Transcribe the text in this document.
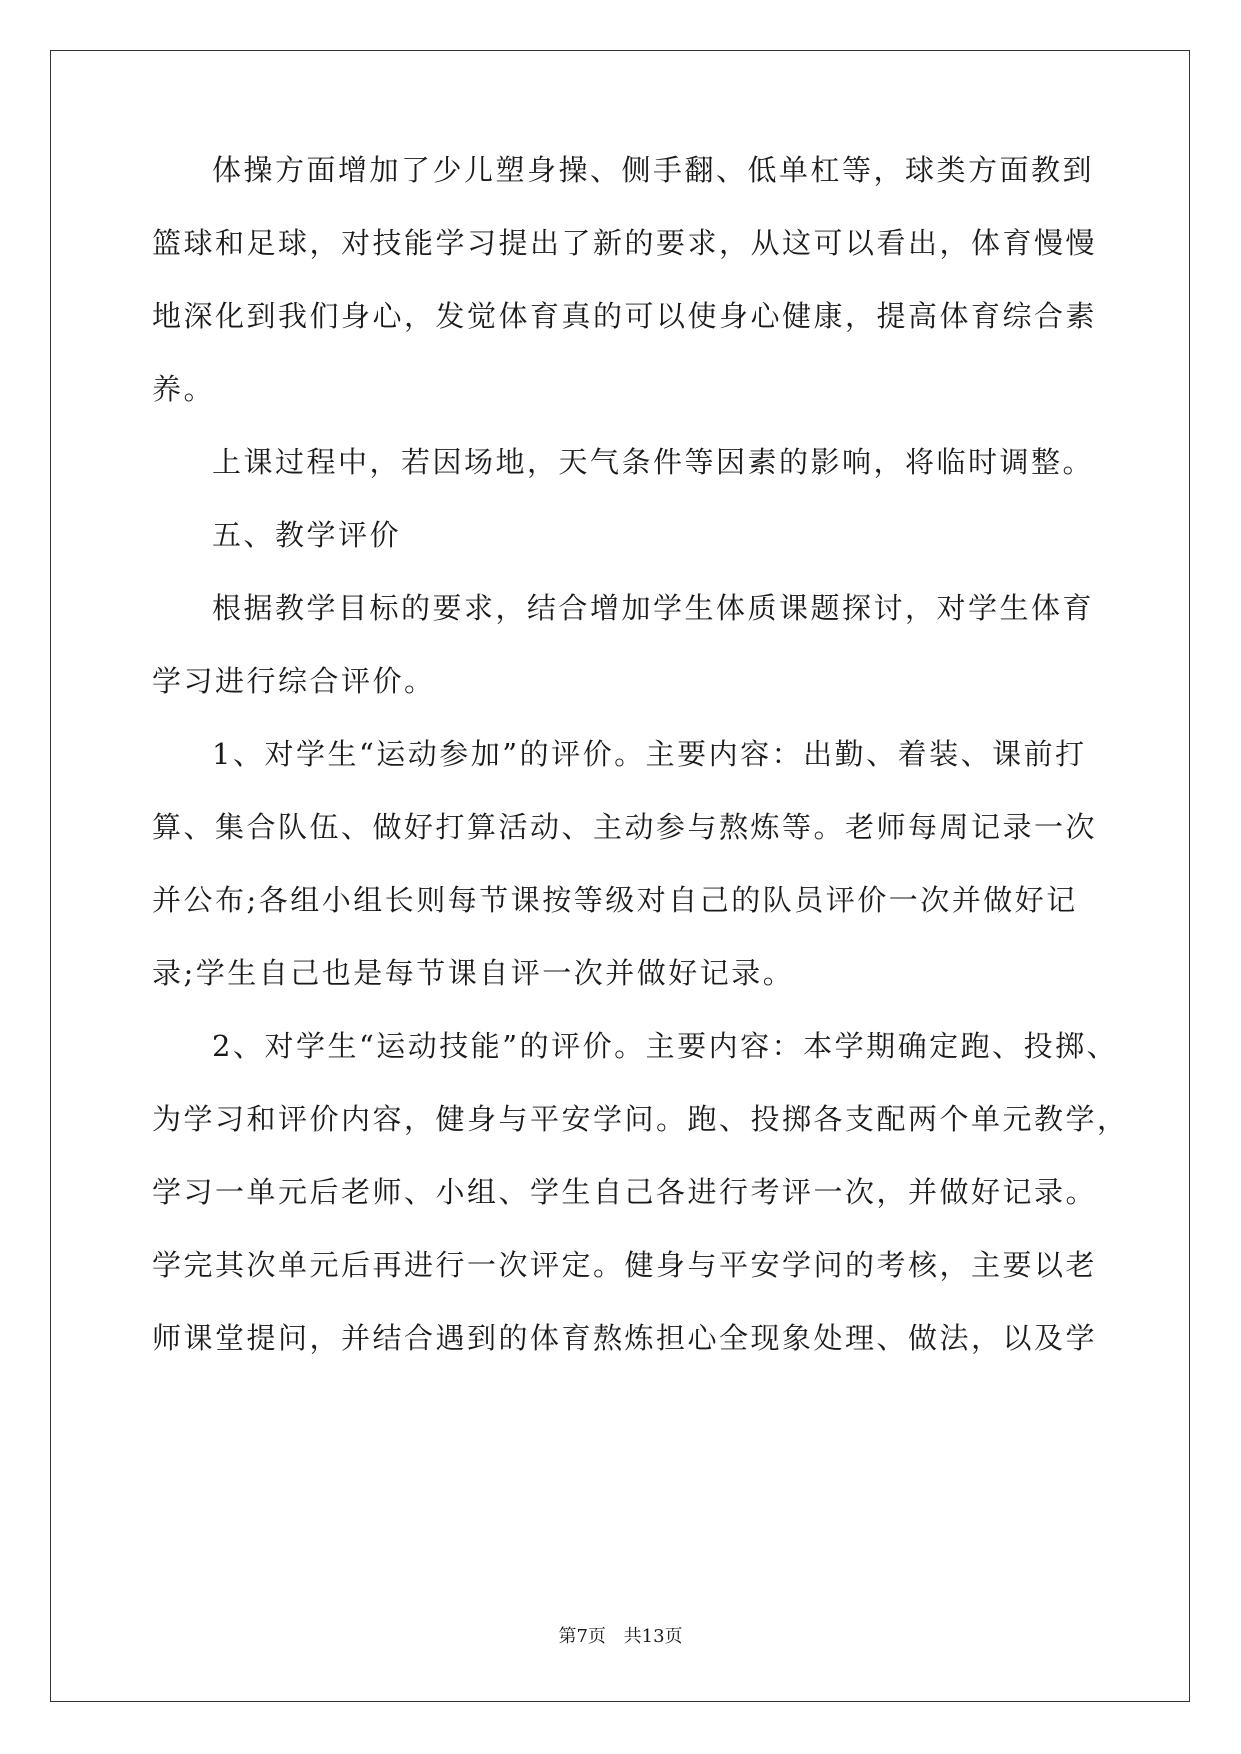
体操方面增加了少儿塑身操、侧手翻、低单杠等，球类方面教到
篮球和足球，对技能学习提出了新的要求，从这可以看出，体育慢慢
地深化到我们身心，发觉体育真的可以使身心健康，提高体育综合素
养。
上课过程中，若因场地，天气条件等因素的影响，将临时调整。
五、教学评价
根据教学目标的要求，结合增加学生体质课题探讨，对学生体育
学习进行综合评价。
1、对学生“运动参加”的评价。主要内容：出勤、着装、课前打
算、集合队伍、做好打算活动、主动参与熬炼等。老师每周记录一次
并公布;各组小组长则每节课按等级对自己的队员评价一次并做好记
录;学生自己也是每节课自评一次并做好记录。
2、对学生“运动技能”的评价。主要内容：本学期确定跑、投掷、
为学习和评价内容，健身与平安学问。跑、投掷各支配两个单元教学，
学习一单元后老师、小组、学生自己各进行考评一次，并做好记录。
学完其次单元后再进行一次评定。健身与平安学问的考核，主要以老
师课堂提问，并结合遇到的体育熬炼担心全现象处理、做法，以及学
第7页 共13页
